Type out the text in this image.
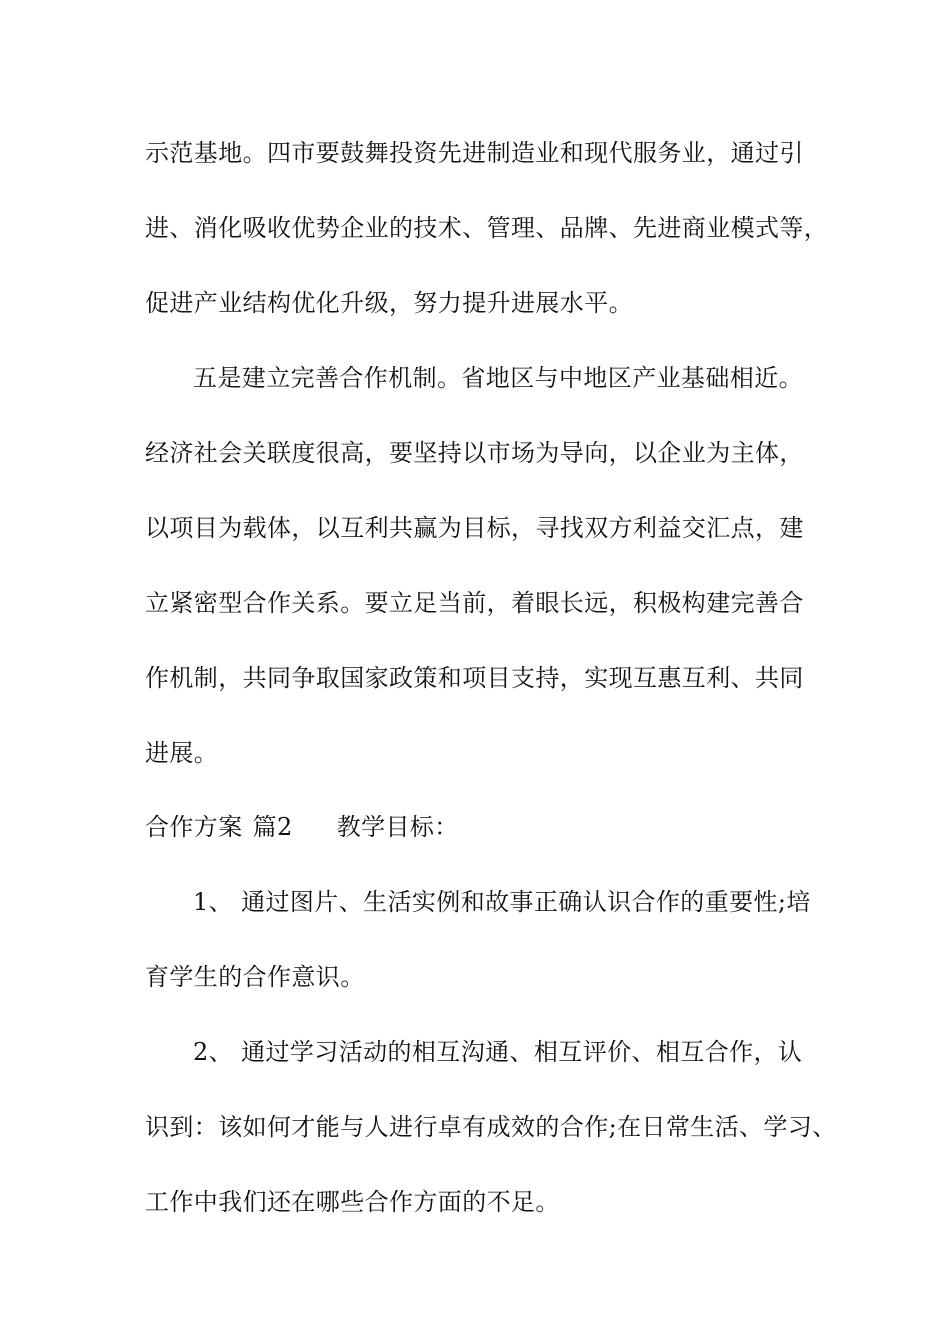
示范基地。四市要鼓舞投资先进制造业和现代服务业，通过引
进、消化吸收优势企业的技术、管理、品牌、先进商业模式等，
促进产业结构优化升级，努力提升进展水平。
五是建立完善合作机制。省地区与中地区产业基础相近。
经济社会关联度很高，要坚持以市场为导向，以企业为主体，
以项目为载体，以互利共赢为目标，寻找双方利益交汇点，建
立紧密型合作关系。要立足当前，着眼长远，积极构建完善合
作机制，共同争取国家政策和项目支持，实现互惠互利、共同
进展。
合作方案 篇2 教学目标：
1、 通过图片、生活实例和故事正确认识合作的重要性;培
育学生的合作意识。
2、 通过学习活动的相互沟通、相互评价、相互合作，认
识到：该如何才能与人进行卓有成效的合作;在日常生活、学习、
工作中我们还在哪些合作方面的不足。
